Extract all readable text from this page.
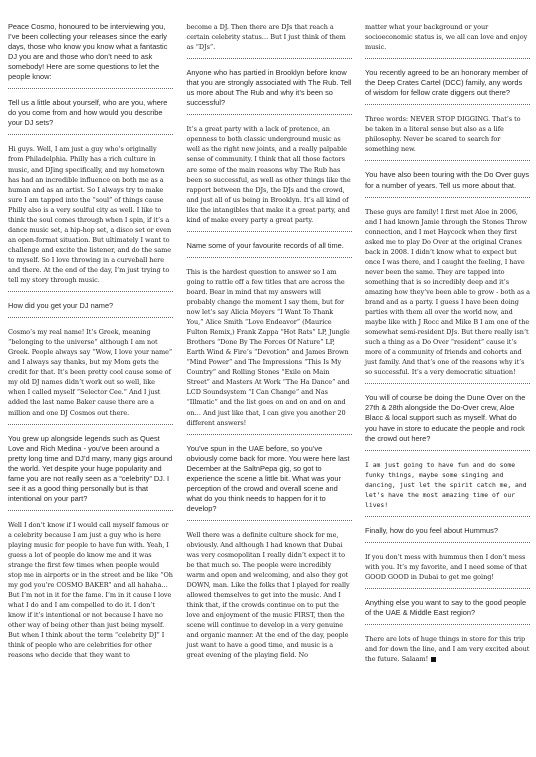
Peace Cosmo, honoured to be interviewing you, I’ve been collecting your releases since the early days, those who know you know what a fantastic DJ you are and those who don’t need to ask somebody! Here are some questions to let the people know:

Tell us a little about yourself, who are you, where do you come from and how would you describe your DJ sets?

Hi guys. Well, I am just a guy who’s originally from Philadelphia. Philly has a rich culture in music, and DJing specifically, and my hometown has had an incredible influence on both me as a human and as an artist. So I always try to make sure I am tapped into the “soul” of things cause Philly also is a very soulful city as well. I like to think the soul comes through when I spin, if it’s a dance music set, a hip-hop set, a disco set or even an open-format situation. But ultimately I want to challenge and excite the listener, and do the same to myself. So I love throwing in a curveball here and there. At the end of the day, I’m just trying to tell my story through music.

How did you get your DJ name?

Cosmo’s my real name! It’s Greek, meaning “belonging to the universe” although I am not Greek. People always say “Wow, I love your name” and I always say thanks, but my Mom gets the credit for that. It’s been pretty cool cause some of my old DJ names didn’t work out so well, like when I called myself “Selector Cee.” And I just added the last name Baker cause there are a million and one DJ Cosmos out there.

You grew up alongside legends such as Quest Love and Rich Medina - you’ve been around a pretty long time and DJ’d many, many gigs around the world. Yet despite your huge popularity and fame you are not really seen as a “celebrity” DJ. I see it as a good thing personally but is that intentional on your part?

Well I don’t know if I would call myself famous or a celebrity because I am just a guy who is here playing music for people to have fun with. Yeah, I guess a lot of people do know me and it was strange the first few times when people would stop me in airports or in the street and be like “Oh my god you’re COSMO BAKER” and all hahaha… But I’m not in it for the fame. I’m in it cause I love what I do and I am compelled to do it. I don’t know if it’s intentional or not because I have no other way of being other than just being myself. But when I think about the term “celebrity DJ” I think of people who are celebrities for other reasons who decide that they want to

become a DJ. Then there are DJs that reach a certain celebrity status… But I just think of them as “DJs”.

Anyone who has partied in Brooklyn before know that you are strongly associated with The Rub. Tell us more about The Rub and why it’s been so successful?

It’s a great party with a lack of pretence, an openness to both classic underground music as well as the right new joints, and a really palpable sense of community. I think that all those factors are some of the main reasons why The Rub has been so successful, as well as other things like the rapport between the DJs, the DJs and the crowd, and just all of us being in Brooklyn. It’s all kind of like the intangibles that make it a great party, and kind of make every party a great party.

Name some of your favourite records of all time.

This is the hardest question to answer so I am going to rattle off a few titles that are across the board. Bear in mind that my answers will probably change the moment I say them, but for now let’s say Alicia Meyers “I Want To Thank You,” Alice Smith “Love Endeavor” (Maurice Fulton Remix,) Frank Zappa “Hot Rats” LP, Jungle Brothers “Done By The Forces Of Nature” LP, Earth Wind & Fire’s “Devotion” and James Brown “Mind Power” and The Impressions “This Is My Country” and Rolling Stones “Exile on Main Street” and Masters At Work “The Ha Dance” and LCD Soundsystem “I Can Change” and Nas “Illmatic” and the list goes on and on and on and on… And just like that, I can give you another 20 different answers!

You’ve spun in the UAE before, so you’ve obviously come back for more. You were here last December at the SaltnPepa gig, so got to experience the scene a little bit. What was your perception of the crowd and overall scene and what do you think needs to happen for it to develop?

Well there was a definite culture shock for me, obviously. And although I had known that Dubai was very cosmopolitan I really didn’t expect it to be that much so. The people were incredibly warm and open and welcoming, and also they got DOWN, man. Like the folks that I played for really allowed themselves to get into the music. And I think that, if the crowds continue on to put the love and enjoyment of the music FIRST, then the scene will continue to develop in a very genuine and organic manner. At the end of the day, people just want to have a good time, and music is a great evening of the playing field. No

matter what your background or your socioeconomic status is, we all can love and enjoy music.

You recently agreed to be an honorary member of the Deep Crates Cartel (DCC) family, any words of wisdom for fellow crate diggers out there?

Three words: NEVER STOP DIGGING. That’s to be taken in a literal sense but also as a life philosophy. Never be scared to search for something new.

You have also been touring with the Do Over guys for a number of years. Tell us more about that.

These guys are family! I first met Aloe in 2006, and I had known Jamie through the Stones Throw connection, and I met Haycock when they first asked me to play Do Over at the original Cranes back in 2008. I didn’t know what to expect but once I was there, and I caught the feeling, I have never been the same. They are tapped into something that is so incredibly deep and it’s amazing how they’ve been able to grow - both as a brand and as a party. I guess I have been doing parties with them all over the world now, and maybe like with J Rocc and Mike B I am one of the somewhat semi-resident DJs. But there really isn’t such a thing as a Do Over “resident” cause it’s more of a community of friends and cohorts and just family. And that’s one of the reasons why it’s so successful. It’s a very democratic situation!

You will of course be doing the Dune Over on the 27th & 28th alongside the Do-Over crew, Aloe Blacc & local support such as myself. What do you have in store to educate the people and rock the crowd out here?

I am just going to have fun and do some funky things, maybe some singing and dancing, just let the spirit catch me, and let’s have the most amazing time of our lives!

Finally, how do you feel about Hummus?

If you don’t mess with hummus then I don’t mess with you. It’s my favorite, and I need some of that GOOD GOOD in Dubai to get me going!

Anything else you want to say to the good people of the UAE & Middle East region?

There are lots of huge things in store for this trip and for down the line, and I am very excited about the future. Salaam!
